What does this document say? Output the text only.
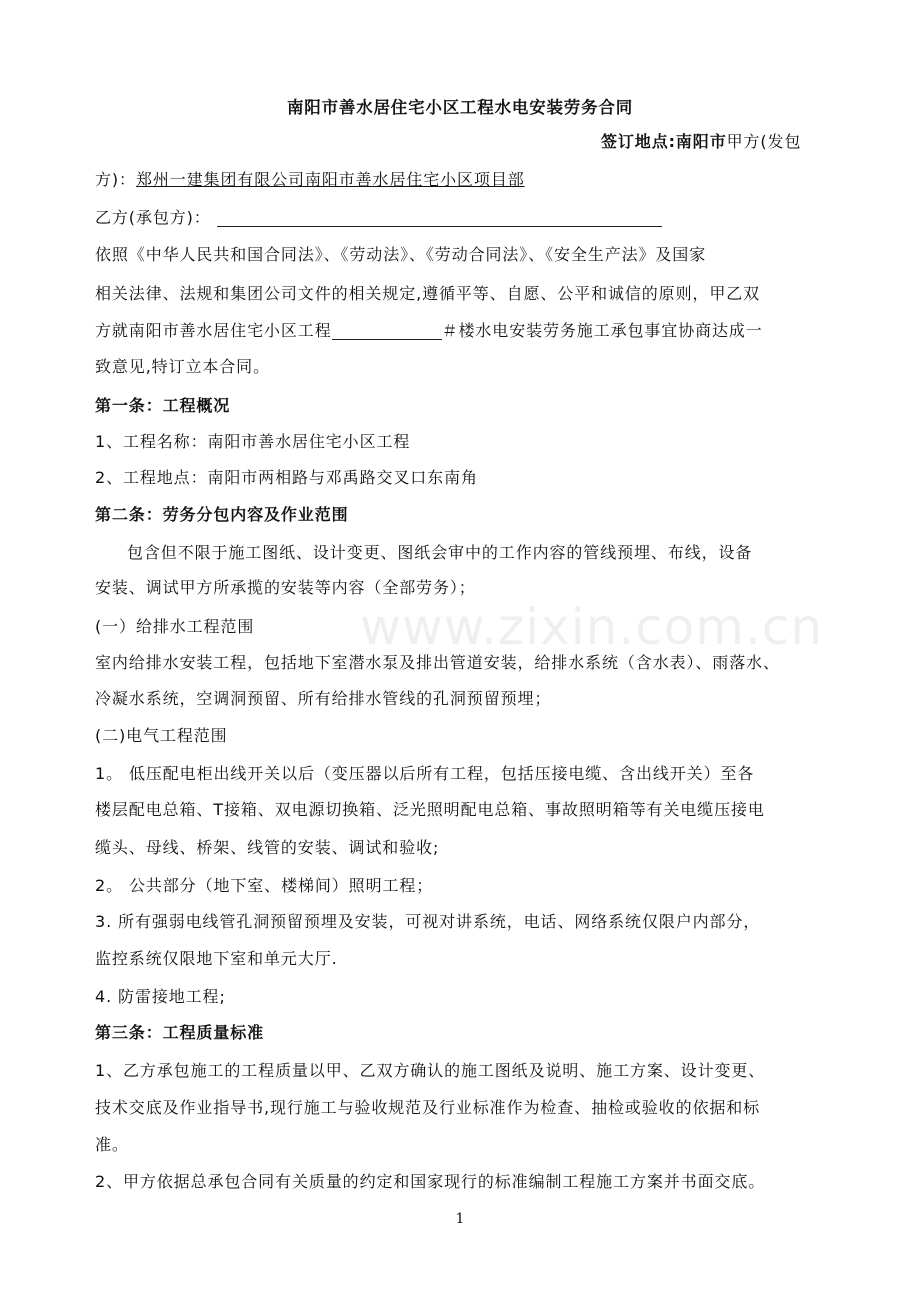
南阳市善水居住宅小区工程水电安装劳务合同
签订地点:南阳市甲方(发包
方)：郑州一建集团有限公司南阳市善水居住宅小区项目部
乙方(承包方)：
依照《中华人民共和国合同法》、《劳动法》、《劳动合同法》、《安全生产法》及国家
相关法律、法规和集团公司文件的相关规定,遵循平等、自愿、公平和诚信的原则，甲乙双
方就南阳市善水居住宅小区工程	＃楼水电安装劳务施工承包事宜协商达成一
致意见,特订立本合同。
第一条：工程概况
1、工程名称：南阳市善水居住宅小区工程
2、工程地点：南阳市两相路与邓禹路交叉口东南角
第二条：劳务分包内容及作业范围
包含但不限于施工图纸、设计变更、图纸会审中的工作内容的管线预埋、布线，设备
安装、调试甲方所承揽的安装等内容（全部劳务）；
(一）给排水工程范围
室内给排水安装工程，包括地下室潜水泵及排出管道安装，给排水系统（含水表）、雨落水、
冷凝水系统，空调洞预留、所有给排水管线的孔洞预留预埋；
(二)电气工程范围
1。 低压配电柜出线开关以后（变压器以后所有工程，包括压接电缆、含出线开关）至各
楼层配电总箱、T接箱、双电源切换箱、泛光照明配电总箱、事故照明箱等有关电缆压接电
缆头、母线、桥架、线管的安装、调试和验收;
2。 公共部分（地下室、楼梯间）照明工程；
3. 所有强弱电线管孔洞预留预埋及安装，可视对讲系统，电话、网络系统仅限户内部分，
监控系统仅限地下室和单元大厅.
4. 防雷接地工程;
第三条：工程质量标准
1、乙方承包施工的工程质量以甲、乙双方确认的施工图纸及说明、施工方案、设计变更、
技术交底及作业指导书,现行施工与验收规范及行业标准作为检查、抽检或验收的依据和标
准。
2、甲方依据总承包合同有关质量的约定和国家现行的标准编制工程施工方案并书面交底。
www.zixin.com.cn
1
